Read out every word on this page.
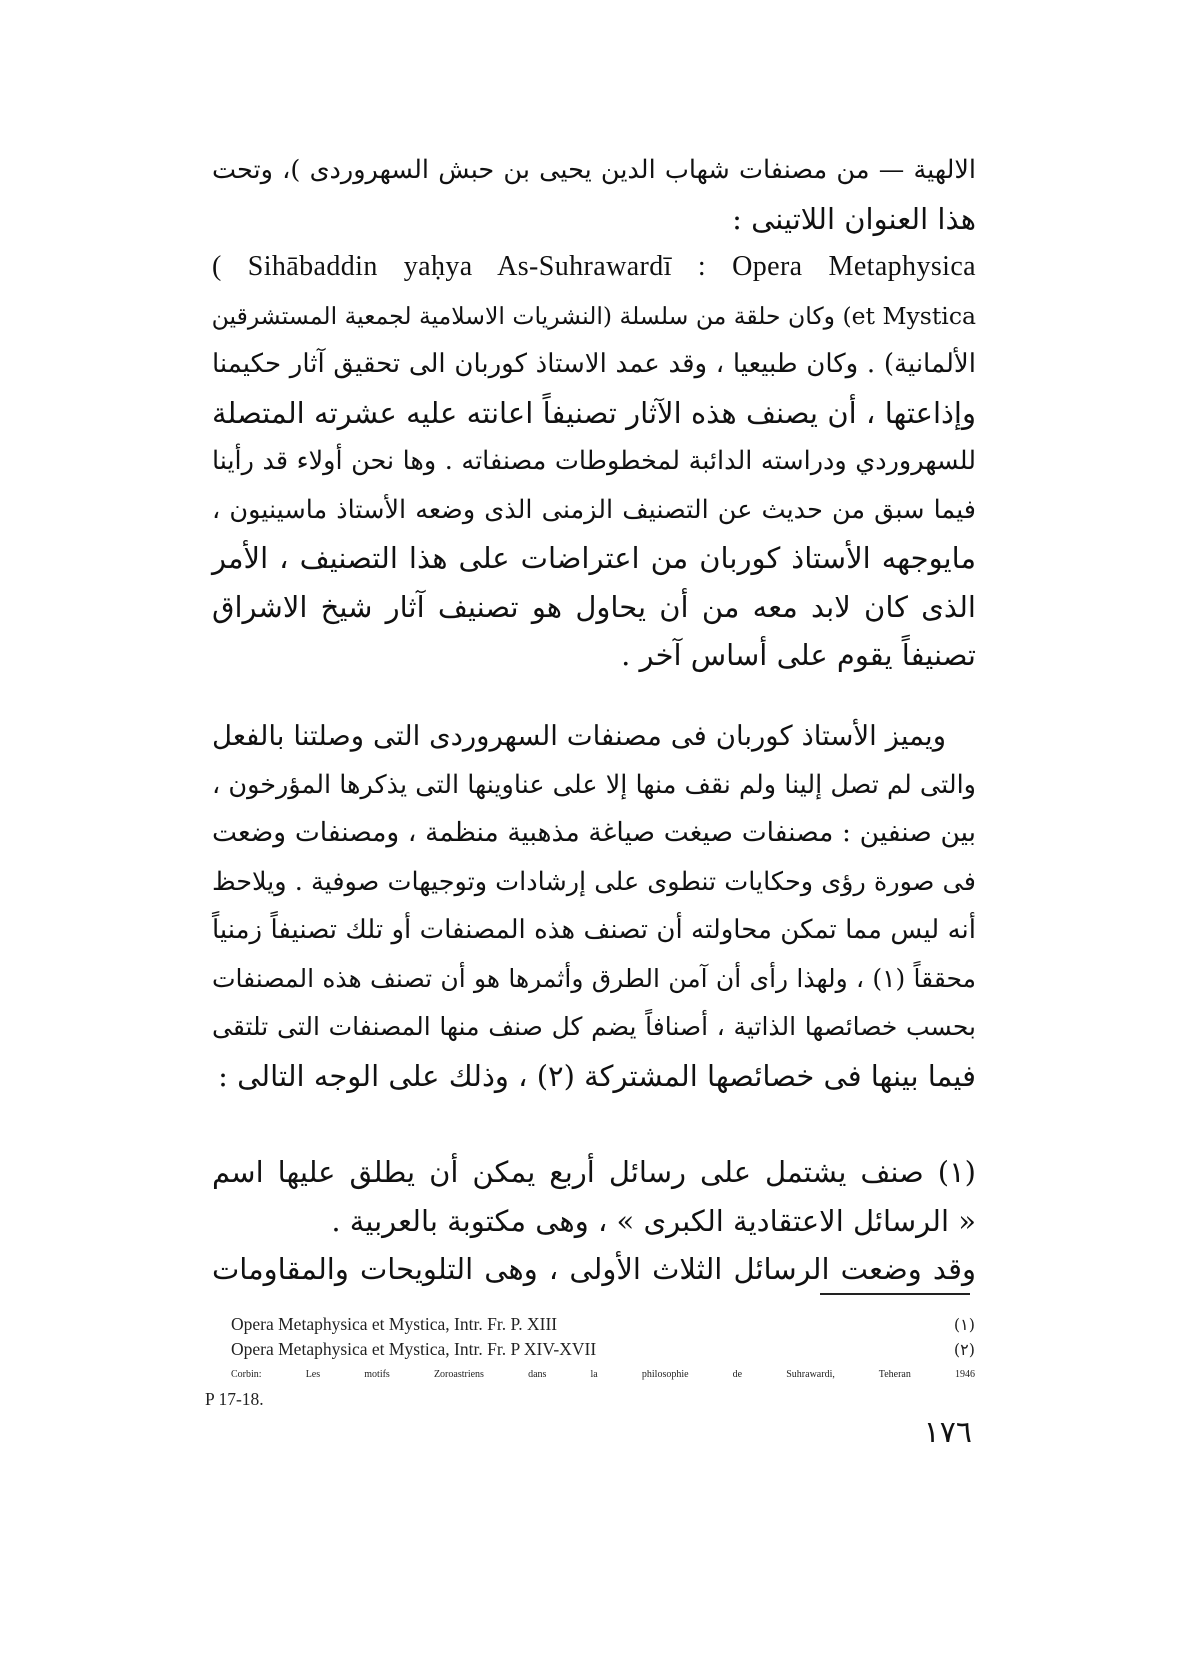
الالهية — من مصنفات شهاب الدين يحيى بن حبش السهروردى )، وتحت
هذا العنوان اللاتينى :
( Sihābaddin yaḥya As-Suhrawardī : Opera Metaphysica
et Mystica) وكان حلقة من سلسلة (النشريات الاسلامية لجمعية المستشرقين
الألمانية) . وكان طبيعيا ، وقد عمد الاستاذ كوربان الى تحقيق آثار حكيمنا
وإذاعتها ، أن يصنف هذه الآثار تصنيفاً اعانته عليه عشرته المتصلة
للسهروردي ودراسته الدائبة لمخطوطات مصنفاته . وها نحن أولاء قد رأينا
فيما سبق من حديث عن التصنيف الزمنى الذى وضعه الأستاذ ماسينيون ،
مايوجهه الأستاذ كوربان من اعتراضات على هذا التصنيف ، الأمر
الذى كان لابد معه من أن يحاول هو تصنيف آثار شيخ الاشراق
تصنيفاً يقوم على أساس آخر .
ويميز الأستاذ كوربان فى مصنفات السهروردى التى وصلتنا بالفعل
والتى لم تصل إلينا ولم نقف منها إلا على عناوينها التى يذكرها المؤرخون ،
بين صنفين : مصنفات صيغت صياغة مذهبية منظمة ، ومصنفات وضعت
فى صورة رؤى وحكايات تنطوى على إرشادات وتوجيهات صوفية . ويلاحظ
أنه ليس مما تمكن محاولته أن تصنف هذه المصنفات أو تلك تصنيفاً زمنياً
محققاً (١) ، ولهذا رأى أن آمن الطرق وأثمرها هو أن تصنف هذه المصنفات
بحسب خصائصها الذاتية ، أصنافاً يضم كل صنف منها المصنفات التى تلتقى
فيما بينها فى خصائصها المشتركة (٢) ، وذلك على الوجه التالى :
(١) صنف يشتمل على رسائل أربع يمكن أن يطلق عليها اسم
« الرسائل الاعتقادية الكبرى » ، وهى مكتوبة بالعربية .
وقد وضعت الرسائل الثلاث الأولى ، وهى التلويحات والمقاومات
Opera Metaphysica et Mystica, Intr. Fr. P. XIII	(١)
Opera Metaphysica et Mystica, Intr. Fr. P XIV-XVII	(٢)
Corbin: Les motifs Zoroastriens dans la philosophie de Suhrawardi, Teheran 1946
P 17-18.
١٧٦
